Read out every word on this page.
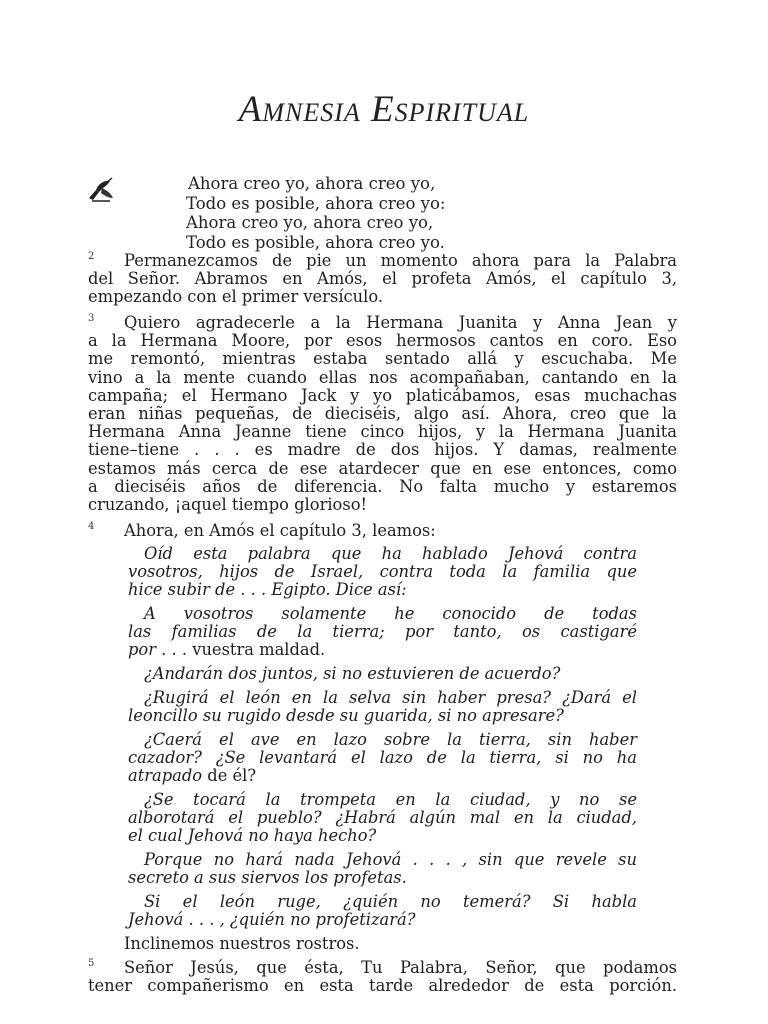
Amnesia Espiritual
Ahora creo yo, ahora creo yo,
Todo es posible, ahora creo yo:
Ahora creo yo, ahora creo yo,
Todo es posible, ahora creo yo.
2	Permanezcamos de pie un momento ahora para la Palabra
del Señor. Abramos en Amós, el profeta Amós, el capítulo 3,
empezando con el primer versículo.
3	Quiero agradecerle a la Hermana Juanita y Anna Jean y
a la Hermana Moore, por esos hermosos cantos en coro. Eso
me remontó, mientras estaba sentado allá y escuchaba. Me
vino a la mente cuando ellas nos acompañaban, cantando en la
campaña; el Hermano Jack y yo platicábamos, esas muchachas
eran niñas pequeñas, de dieciséis, algo así. Ahora, creo que la
Hermana Anna Jeanne tiene cinco hijos, y la Hermana Juanita
tiene–tiene . . . es madre de dos hijos. Y damas, realmente
estamos más cerca de ese atardecer que en ese entonces, como
a dieciséis años de diferencia. No falta mucho y estaremos
cruzando, ¡aquel tiempo glorioso!
4	Ahora, en Amós el capítulo 3, leamos:
Oíd esta palabra que ha hablado Jehová contra
vosotros, hijos de Israel, contra toda la familia que
hice subir de . . . Egipto. Dice así:
A vosotros solamente he conocido de todas
las familias de la tierra; por tanto, os castigaré
por . . . vuestra maldad.
¿Andarán dos juntos, si no estuvieren de acuerdo?
¿Rugirá el león en la selva sin haber presa? ¿Dará el
leoncillo su rugido desde su guarida, si no apresare?
¿Caerá el ave en lazo sobre la tierra, sin haber
cazador? ¿Se levantará el lazo de la tierra, si no ha
atrapado de él?
¿Se tocará la trompeta en la ciudad, y no se
alborotará el pueblo? ¿Habrá algún mal en la ciudad,
el cual Jehová no haya hecho?
Porque no hará nada Jehová . . . , sin que revele su
secreto a sus siervos los profetas.
Si el león ruge, ¿quién no temerá? Si habla
Jehová . . . , ¿quién no profetizará?
Inclinemos nuestros rostros.
5	Señor Jesús, que ésta, Tu Palabra, Señor, que podamos
tener compañerismo en esta tarde alrededor de esta porción.
